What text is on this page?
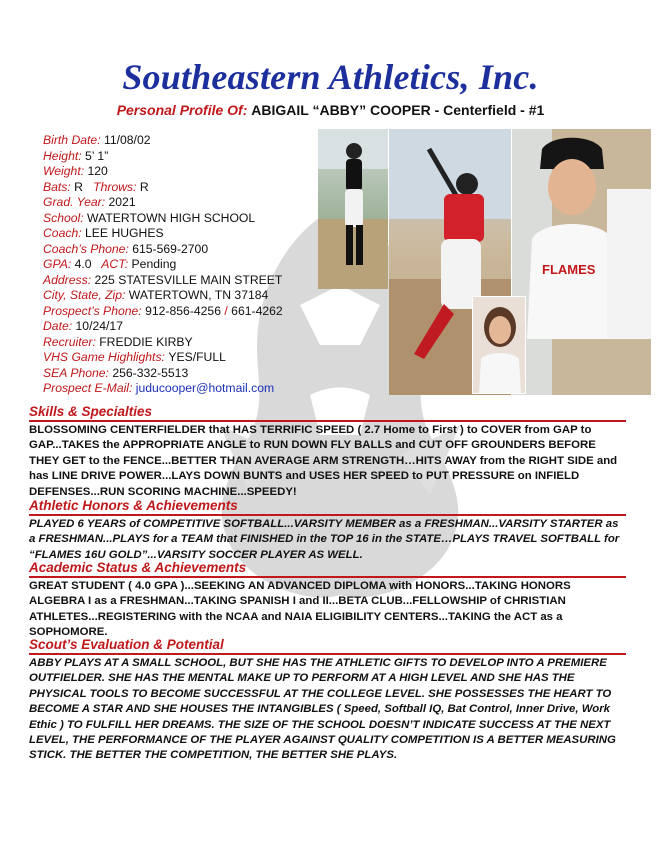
Southeastern Athletics, Inc.
Personal Profile Of: ABIGAIL “ABBY” COOPER - Centerfield - #1
Birth Date: 11/08/02
Height: 5’ 1”
Weight: 120
Bats: R Throws: R
Grad. Year: 2021
School: WATERTOWN HIGH SCHOOL
Coach: LEE HUGHES
Coach’s Phone: 615-569-2700
GPA: 4.0 ACT: Pending
Address: 225 STATESVILLE MAIN STREET
City, State, Zip: WATERTOWN, TN 37184
Prospect’s Phone: 912-856-4256 / 661-4262
Date: 10/24/17
Recruiter: FREDDIE KIRBY
VHS Game Highlights: YES/FULL
SEA Phone: 256-332-5513
Prospect E-Mail: juducooper@hotmail.com
FLAMES
Skills & Specialties
BLOSSOMING CENTERFIELDER that HAS TERRIFIC SPEED ( 2.7 Home to First ) to COVER from GAP to GAP...TAKES the APPROPRIATE ANGLE to RUN DOWN FLY BALLS and CUT OFF GROUNDERS BEFORE THEY GET to the FENCE...BETTER THAN AVERAGE ARM STRENGTH…HITS AWAY from the RIGHT SIDE and has LINE DRIVE POWER...LAYS DOWN BUNTS and USES HER SPEED to PUT PRESSURE on INFIELD DEFENSES...RUN SCORING MACHINE...SPEEDY!
Athletic Honors & Achievements
PLAYED 6 YEARS of COMPETITIVE SOFTBALL...VARSITY MEMBER as a FRESHMAN...VARSITY STARTER as a FRESHMAN...PLAYS for a TEAM that FINISHED in the TOP 16 in the STATE…PLAYS TRAVEL SOFTBALL for “FLAMES 16U GOLD”...VARSITY SOCCER PLAYER AS WELL.
Academic Status & Achievements
GREAT STUDENT ( 4.0 GPA )...SEEKING AN ADVANCED DIPLOMA with HONORS...TAKING HONORS ALGEBRA I as a FRESHMAN...TAKING SPANISH I and II...BETA CLUB...FELLOWSHIP of CHRISTIAN ATHLETES...REGISTERING with the NCAA and NAIA ELIGIBILITY CENTERS...TAKING the ACT as a SOPHOMORE.
Scout’s Evaluation & Potential
ABBY PLAYS AT A SMALL SCHOOL, BUT SHE HAS THE ATHLETIC GIFTS TO DEVELOP INTO A PREMIERE OUTFIELDER. SHE HAS THE MENTAL MAKE UP TO PERFORM AT A HIGH LEVEL AND SHE HAS THE PHYSICAL TOOLS TO BECOME SUCCESSFUL AT THE COLLEGE LEVEL. SHE POSSESSES THE HEART TO BECOME A STAR AND SHE HOUSES THE INTANGIBLES ( Speed, Softball IQ, Bat Control, Inner Drive, Work Ethic ) TO FULFILL HER DREAMS. THE SIZE OF THE SCHOOL DOESN’T INDICATE SUCCESS AT THE NEXT LEVEL, THE PERFORMANCE OF THE PLAYER AGAINST QUALITY COMPETITION IS A BETTER MEASURING STICK. THE BETTER THE COMPETITION, THE BETTER SHE PLAYS.
